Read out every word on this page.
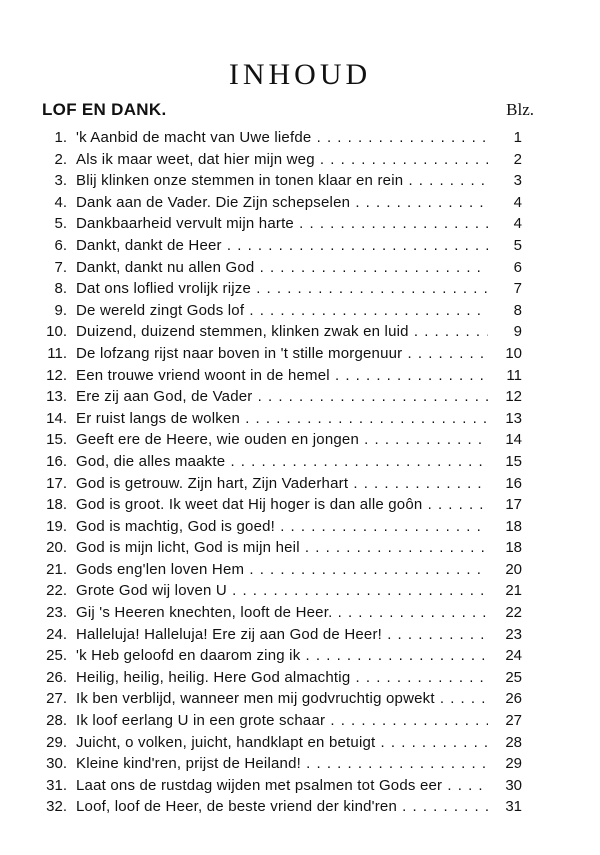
INHOUD
LOF EN DANK.	Blz.
1. 'k Aanbid de macht van Uwe liefde . .	1
2. Als ik maar weet, dat hier mijn weg . .	2
3. Blij klinken onze stemmen in tonen klaar en rein . .	3
4. Dank aan de Vader. Die Zijn schepselen . .	4
5. Dankbaarheid vervult mijn harte . .	4
6. Dankt, dankt de Heer . .	5
7. Dankt, dankt nu allen God . .	6
8. Dat ons loflied vrolijk rijze . .	7
9. De wereld zingt Gods lof . .	8
10. Duizend, duizend stemmen, klinken zwak en luid . .	9
11. De lofzang rijst naar boven in 't stille morgenuur . .	10
12. Een trouwe vriend woont in de hemel . .	11
13. Ere zij aan God, de Vader . .	12
14. Er ruist langs de wolken . .	13
15. Geeft ere de Heere, wie ouden en jongen . .	14
16. God, die alles maakte . .	15
17. God is getrouw. Zijn hart, Zijn Vaderhart . .	16
18. God is groot. Ik weet dat Hij hoger is dan alle goôn . .	17
19. God is machtig, God is goed! . .	18
20. God is mijn licht, God is mijn heil . .	18
21. Gods eng'len loven Hem . .	20
22. Grote God wij loven U . .	21
23. Gij 's Heeren knechten, looft de Heer. . .	22
24. Halleluja! Halleluja! Ere zij aan God de Heer! . .	23
25. 'k Heb geloofd en daarom zing ik . .	24
26. Heilig, heilig, heilig. Here God almachtig . .	25
27. Ik ben verblijd, wanneer men mij godvruchtig opwekt . .	26
28. Ik loof eerlang U in een grote schaar . .	27
29. Juicht, o volken, juicht, handklapt en betuigt . .	28
30. Kleine kind'ren, prijst de Heiland! . .	29
31. Laat ons de rustdag wijden met psalmen tot Gods eer . .	30
32. Loof, loof de Heer, de beste vriend der kind'ren . .	31
